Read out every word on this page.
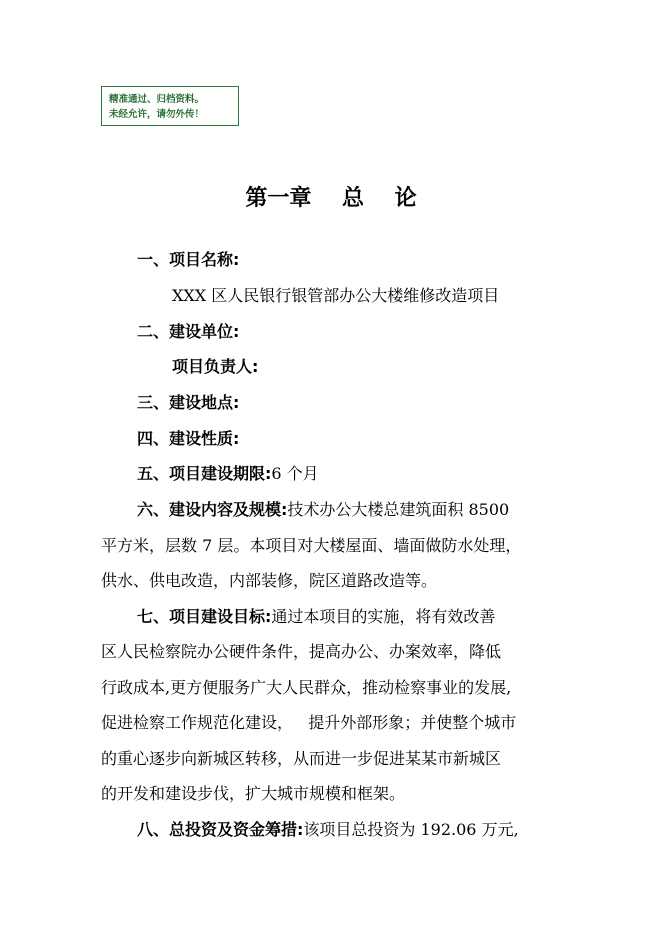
精准通过、归档资料。
未经允许，请勿外传！
第一章    总    论
一、项目名称:
XXX 区人民银行银管部办公大楼维修改造项目
二、建设单位:
项目负责人:
三、建设地点:
四、建设性质:
五、项目建设期限:6 个月
六、建设内容及规模:技术办公大楼总建筑面积 8500
平方米，层数 7 层。本项目对大楼屋面、墙面做防水处理，
供水、供电改造，内部装修，院区道路改造等。
七、项目建设目标:通过本项目的实施，将有效改善
区人民检察院办公硬件条件，提高办公、办案效率，降低
行政成本,更方便服务广大人民群众，推动检察事业的发展,
促进检察工作规范化建设，   提升外部形象；并使整个城市
的重心逐步向新城区转移，从而进一步促进某某市新城区
的开发和建设步伐，扩大城市规模和框架。
八、总投资及资金筹措:该项目总投资为 192.06 万元,
